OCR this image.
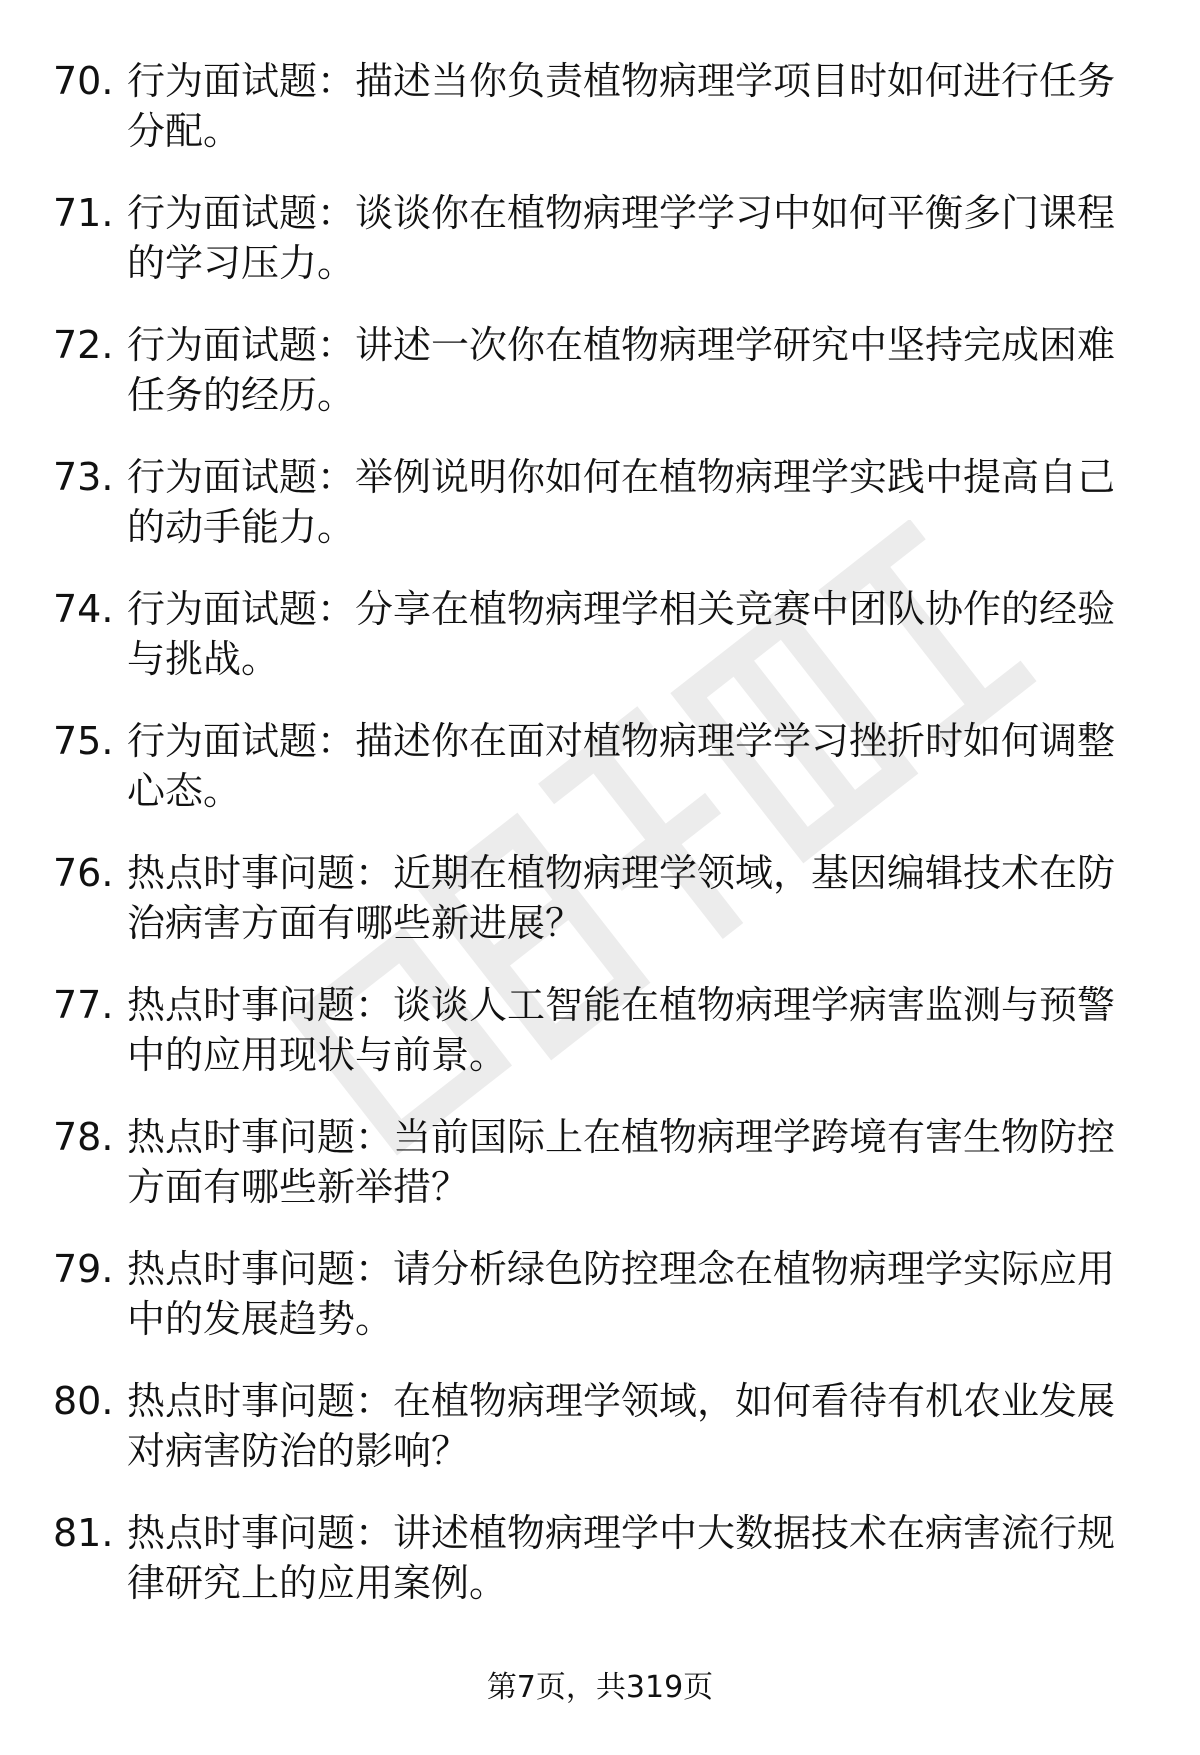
70. 行为面试题：描述当你负责植物病理学项目时如何进行任务分配。
71. 行为面试题：谈谈你在植物病理学学习中如何平衡多门课程的学习压力。
72. 行为面试题：讲述一次你在植物病理学研究中坚持完成困难任务的经历。
73. 行为面试题：举例说明你如何在植物病理学实践中提高自己的动手能力。
74. 行为面试题：分享在植物病理学相关竞赛中团队协作的经验与挑战。
75. 行为面试题：描述你在面对植物病理学学习挫折时如何调整心态。
76. 热点时事问题：近期在植物病理学领域，基因编辑技术在防治病害方面有哪些新进展？
77. 热点时事问题：谈谈人工智能在植物病理学病害监测与预警中的应用现状与前景。
78. 热点时事问题：当前国际上在植物病理学跨境有害生物防控方面有哪些新举措？
79. 热点时事问题：请分析绿色防控理念在植物病理学实际应用中的发展趋势。
80. 热点时事问题：在植物病理学领域，如何看待有机农业发展对病害防治的影响？
81. 热点时事问题：讲述植物病理学中大数据技术在病害流行规律研究上的应用案例。
第7页，共319页
